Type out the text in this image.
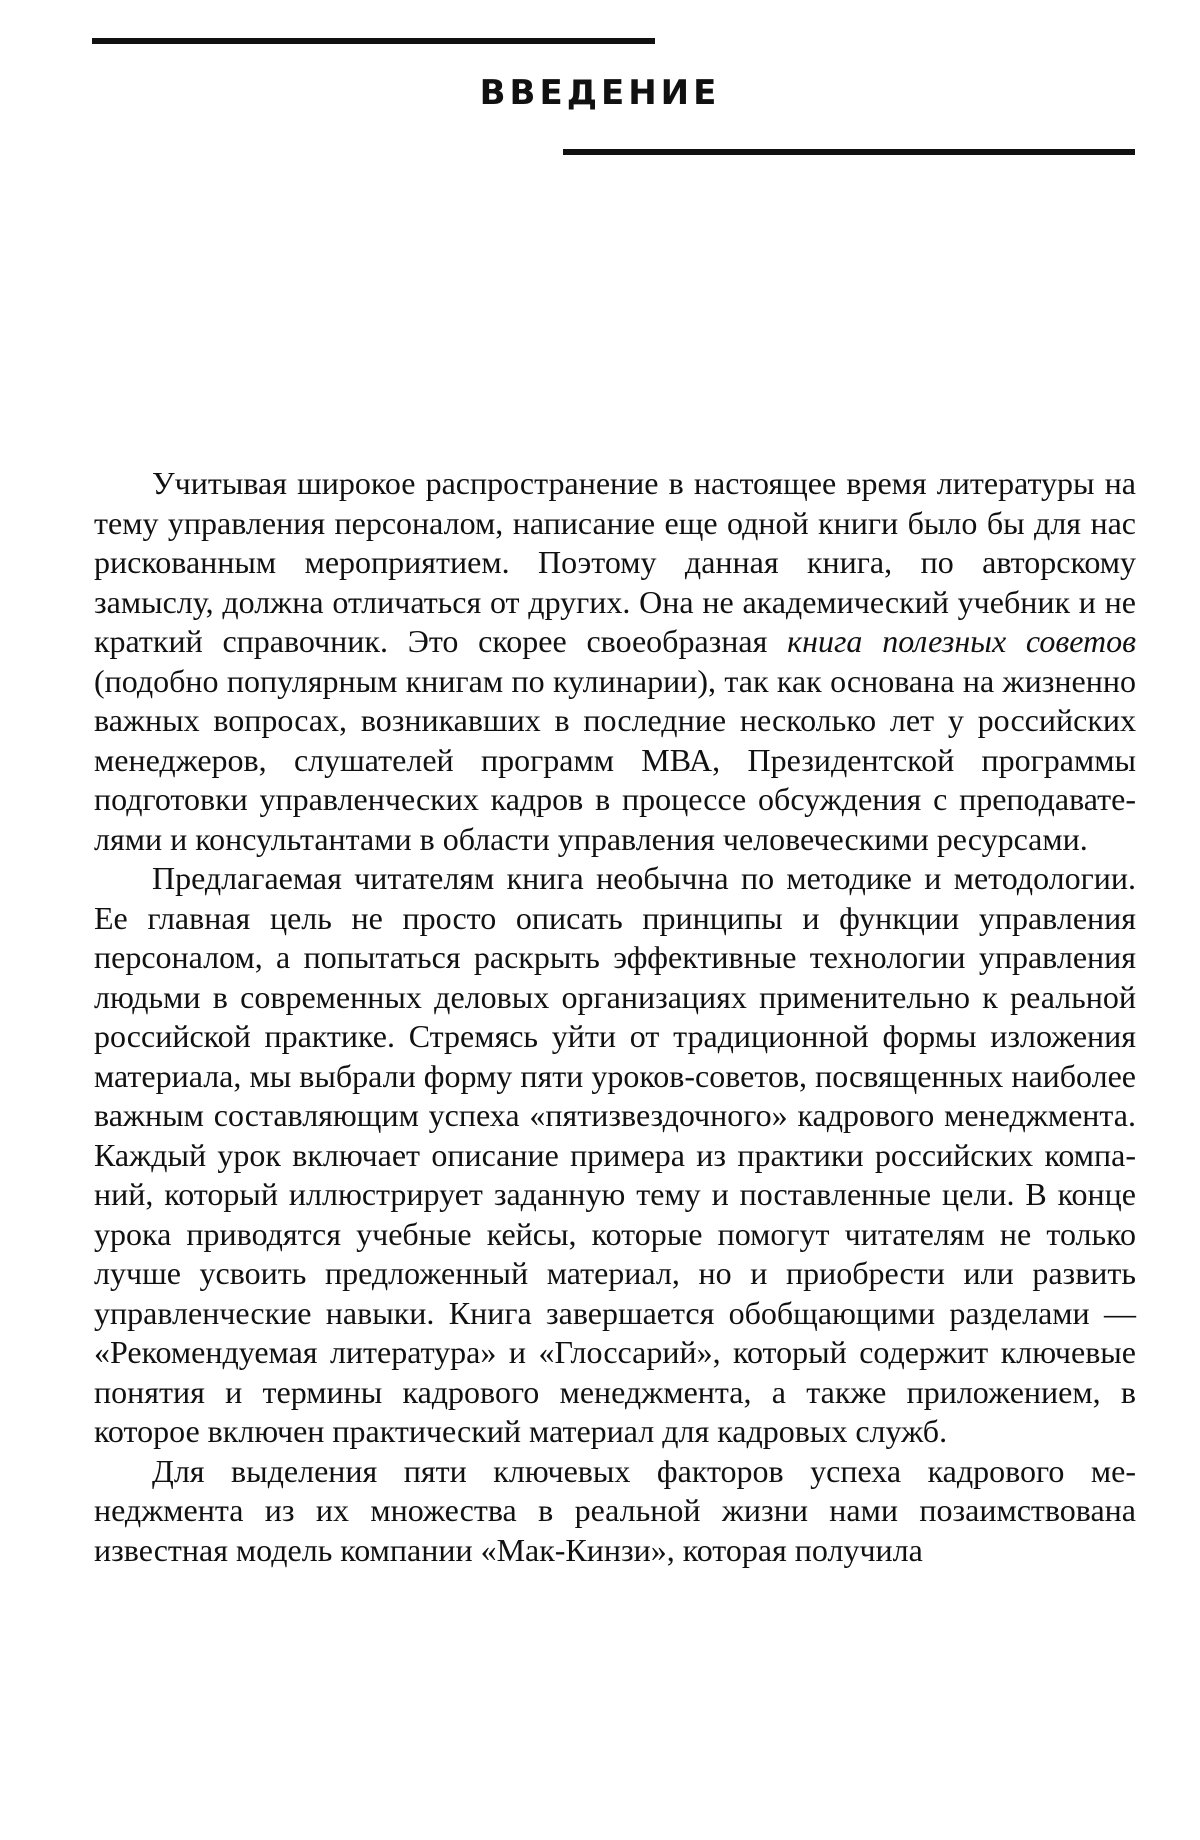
ВВЕДЕНИЕ

Учитывая широкое распространение в настоящее время литературы на тему управления персоналом, написание еще одной книги было бы для нас рискованным мероприятием. Поэтому данная книга, по авторскому замыслу, должна отличаться от других. Она не академический учебник и не краткий справочник. Это скорее своеобразная книга полезных советов (подобно популярным книгам по кулинарии), так как основана на жизненно важных вопросах, возникавших в последние несколько лет у российских менеджеров, слушателей программ МВА, Президентской программы подготовки управленческих кадров в процессе обсуждения с преподавателями и консультантами в области управления человеческими ресурсами.

Предлагаемая читателям книга необычна по методике и методологии. Ее главная цель не просто описать принципы и функции управления персоналом, а попытаться раскрыть эффективные технологии управления людьми в современных деловых организациях применительно к реальной российской практике. Стремясь уйти от традиционной формы изложения материала, мы выбрали форму пяти уроков-советов, посвященных наиболее важным составляющим успеха «пятизвездочного» кадрового менеджмента. Каждый урок включает описание примера из практики российских компаний, который иллюстрирует заданную тему и поставленные цели. В конце урока приводятся учебные кейсы, которые помогут читателям не только лучше усвоить предложенный материал, но и приобрести или развить управленческие навыки. Книга завершается обобщающими разделами — «Рекомендуемая литература» и «Глоссарий», который содержит ключевые понятия и термины кадрового менеджмента, а также приложением, в которое включен практический материал для кадровых служб.

Для выделения пяти ключевых факторов успеха кадрового менеджмента из их множества в реальной жизни нами позаимствована известная модель компании «Мак-Кинзи», которая получила
